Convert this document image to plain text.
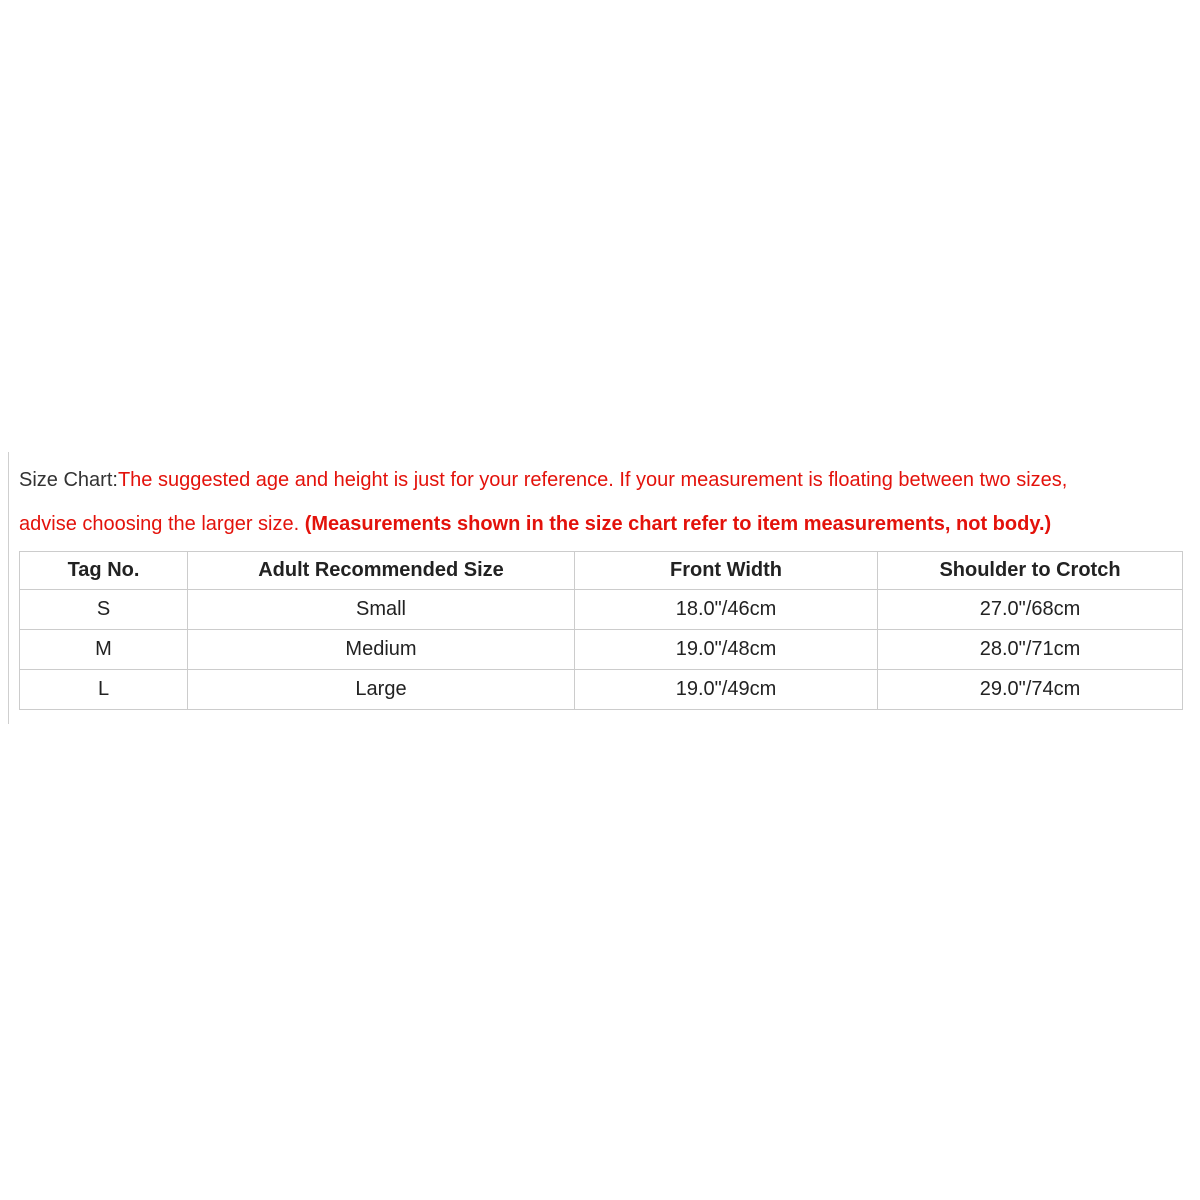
Size Chart:The suggested age and height is just for your reference. If your measurement is floating between two sizes,
advise choosing the larger size. (Measurements shown in the size chart refer to item measurements, not body.)
Tag No.	Adult Recommended Size	Front Width	Shoulder to Crotch
S	Small	18.0"/46cm	27.0"/68cm
M	Medium	19.0"/48cm	28.0"/71cm
L	Large	19.0"/49cm	29.0"/74cm
